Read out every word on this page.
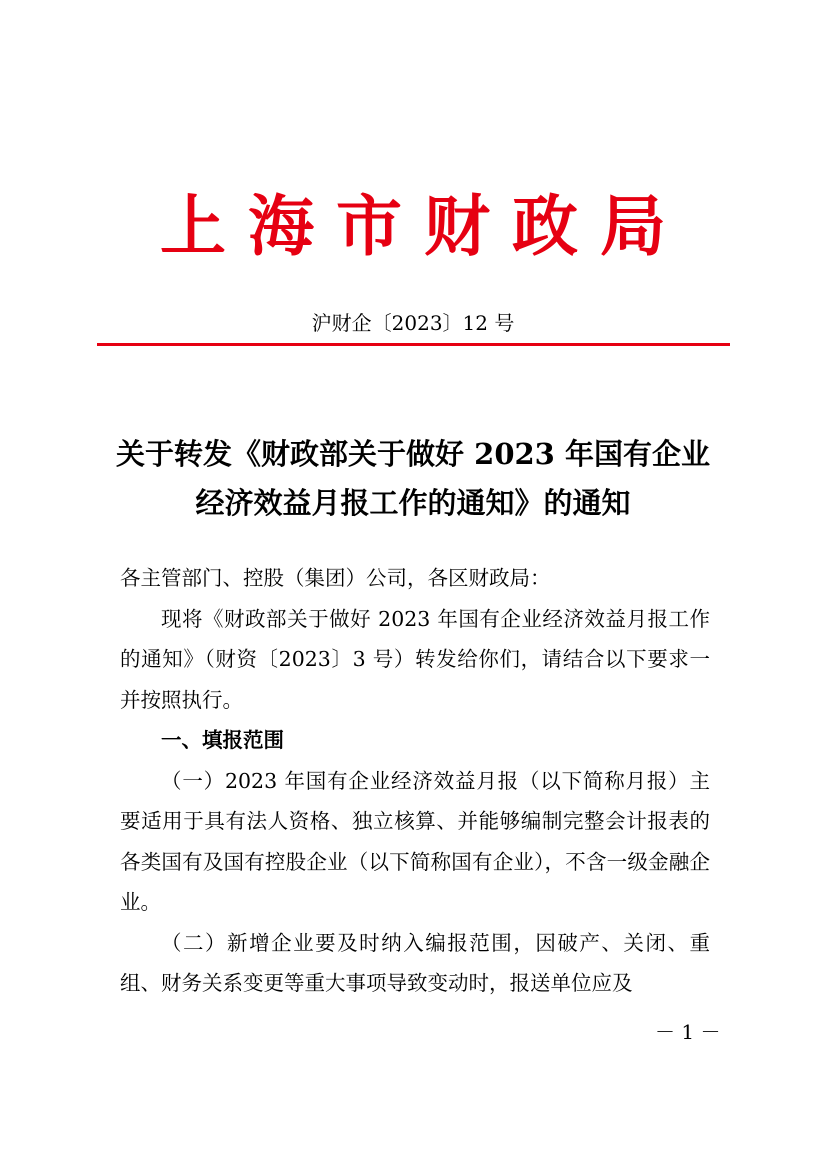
上海市财政局
沪财企〔2023〕12 号
关于转发《财政部关于做好 2023 年国有企业
经济效益月报工作的通知》的通知

各主管部门、控股（集团）公司，各区财政局：

现将《财政部关于做好 2023 年国有企业经济效益月报工作的通知》（财资〔2023〕3 号）转发给你们，请结合以下要求一并按照执行。

一、填报范围

（一）2023 年国有企业经济效益月报（以下简称月报）主要适用于具有法人资格、独立核算、并能够编制完整会计报表的各类国有及国有控股企业（以下简称国有企业），不含一级金融企业。

（二）新增企业要及时纳入编报范围，因破产、关闭、重组、财务关系变更等重大事项导致变动时，报送单位应及

－ 1 －
